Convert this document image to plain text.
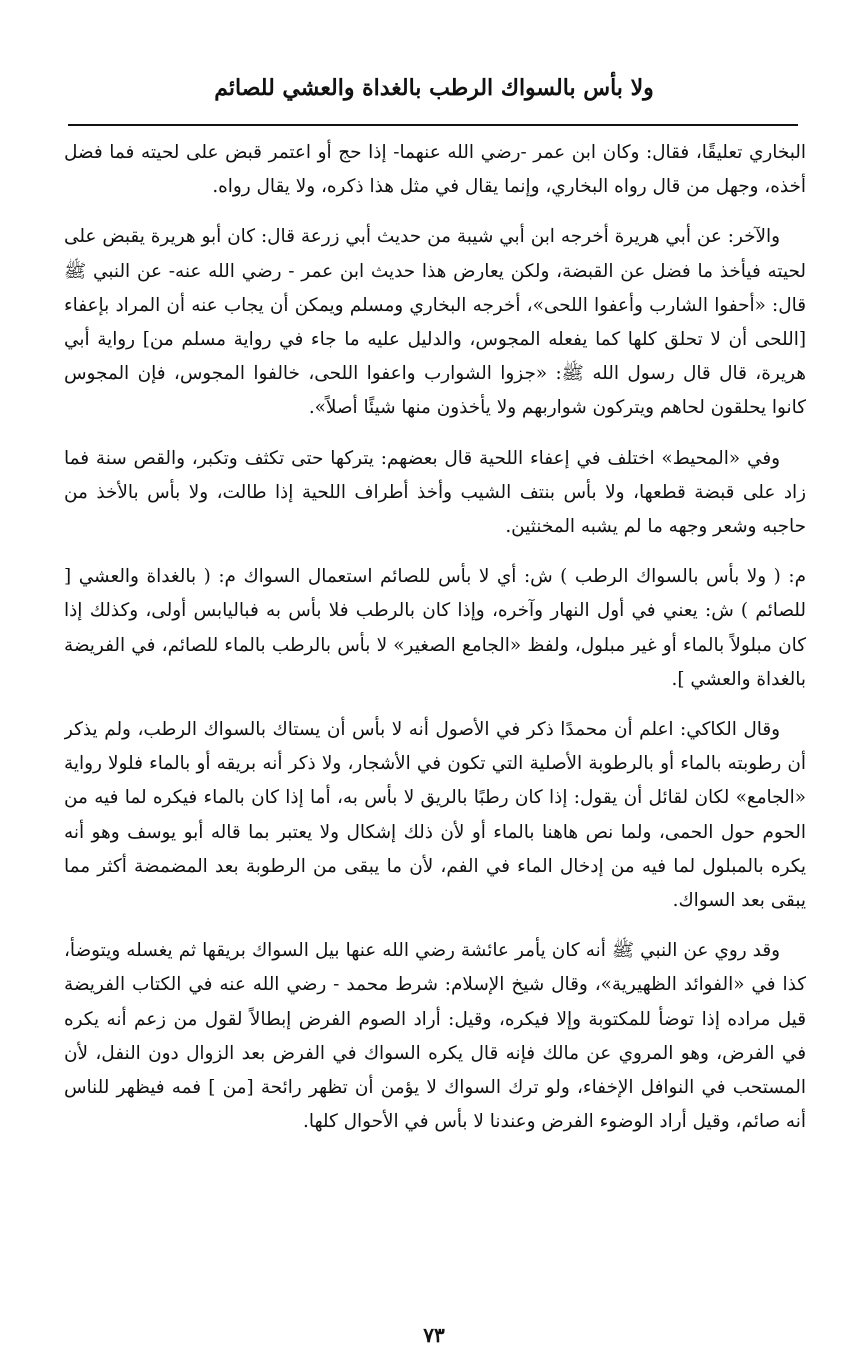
ولا بأس بالسواك الرطب بالغداة والعشي للصائم

البخاري تعليقًا، فقال: وكان ابن عمر -رضي الله عنهما- إذا حج أو اعتمر قبض على لحيته فما فضل أخذه، وجهل من قال رواه البخاري، وإنما يقال في مثل هذا ذكره، ولا يقال رواه.

والآخر: عن أبي هريرة أخرجه ابن أبي شيبة من حديث أبي زرعة قال: كان أبو هريرة يقبض على لحيته فيأخذ ما فضل عن القبضة، ولكن يعارض هذا حديث ابن عمر - رضي الله عنه- عن النبي ﷺ قال: «أحفوا الشارب وأعفوا اللحى»، أخرجه البخاري ومسلم ويمكن أن يجاب عنه أن المراد بإعفاء [اللحى أن لا تحلق كلها كما يفعله المجوس، والدليل عليه ما جاء في رواية مسلم من] رواية أبي هريرة، قال قال رسول الله ﷺ: «جزوا الشوارب واعفوا اللحى، خالفوا المجوس، فإن المجوس كانوا يحلقون لحاهم ويتركون شواربهم ولا يأخذون منها شيئًا أصلاً».

وفي «المحيط» اختلف في إعفاء اللحية قال بعضهم: يتركها حتى تكثف وتكبر، والقص سنة فما زاد على قبضة قطعها، ولا بأس بنتف الشيب وأخذ أطراف اللحية إذا طالت، ولا بأس بالأخذ من حاجبه وشعر وجهه ما لم يشبه المخنثين.

م: ( ولا بأس بالسواك الرطب ) ش: أي لا بأس للصائم استعمال السواك م: ( بالغداة والعشي [ للصائم ) ش: يعني في أول النهار وآخره، وإذا كان بالرطب فلا بأس به فباليابس أولى، وكذلك إذا كان مبلولاً بالماء أو غير مبلول، ولفظ «الجامع الصغير» لا بأس بالرطب بالماء للصائم، في الفريضة بالغداة والعشي ].

وقال الكاكي: اعلم أن محمدًا ذكر في الأصول أنه لا بأس أن يستاك بالسواك الرطب، ولم يذكر أن رطوبته بالماء أو بالرطوبة الأصلية التي تكون في الأشجار، ولا ذكر أنه بريقه أو بالماء فلولا رواية «الجامع» لكان لقائل أن يقول: إذا كان رطبًا بالريق لا بأس به، أما إذا كان بالماء فيكره لما فيه من الحوم حول الحمى، ولما نص هاهنا بالماء أو لأن ذلك إشكال ولا يعتبر بما قاله أبو يوسف وهو أنه يكره بالمبلول لما فيه من إدخال الماء في الفم، لأن ما يبقى من الرطوبة بعد المضمضة أكثر مما يبقى بعد السواك.

وقد روي عن النبي ﷺ أنه كان يأمر عائشة رضي الله عنها بيل السواك بريقها ثم يغسله ويتوضأ، كذا في «الفوائد الظهيرية»، وقال شيخ الإسلام: شرط محمد - رضي الله عنه في الكتاب الفريضة قيل مراده إذا توضأ للمكتوبة وإلا فيكره، وقيل: أراد الصوم الفرض إبطالاً لقول من زعم أنه يكره في الفرض، وهو المروي عن مالك فإنه قال يكره السواك في الفرض بعد الزوال دون النفل، لأن المستحب في النوافل الإخفاء، ولو ترك السواك لا يؤمن أن تظهر رائحة [من ] فمه فيظهر للناس أنه صائم، وقيل أراد الوضوء الفرض وعندنا لا بأس في الأحوال كلها.

٧٣
